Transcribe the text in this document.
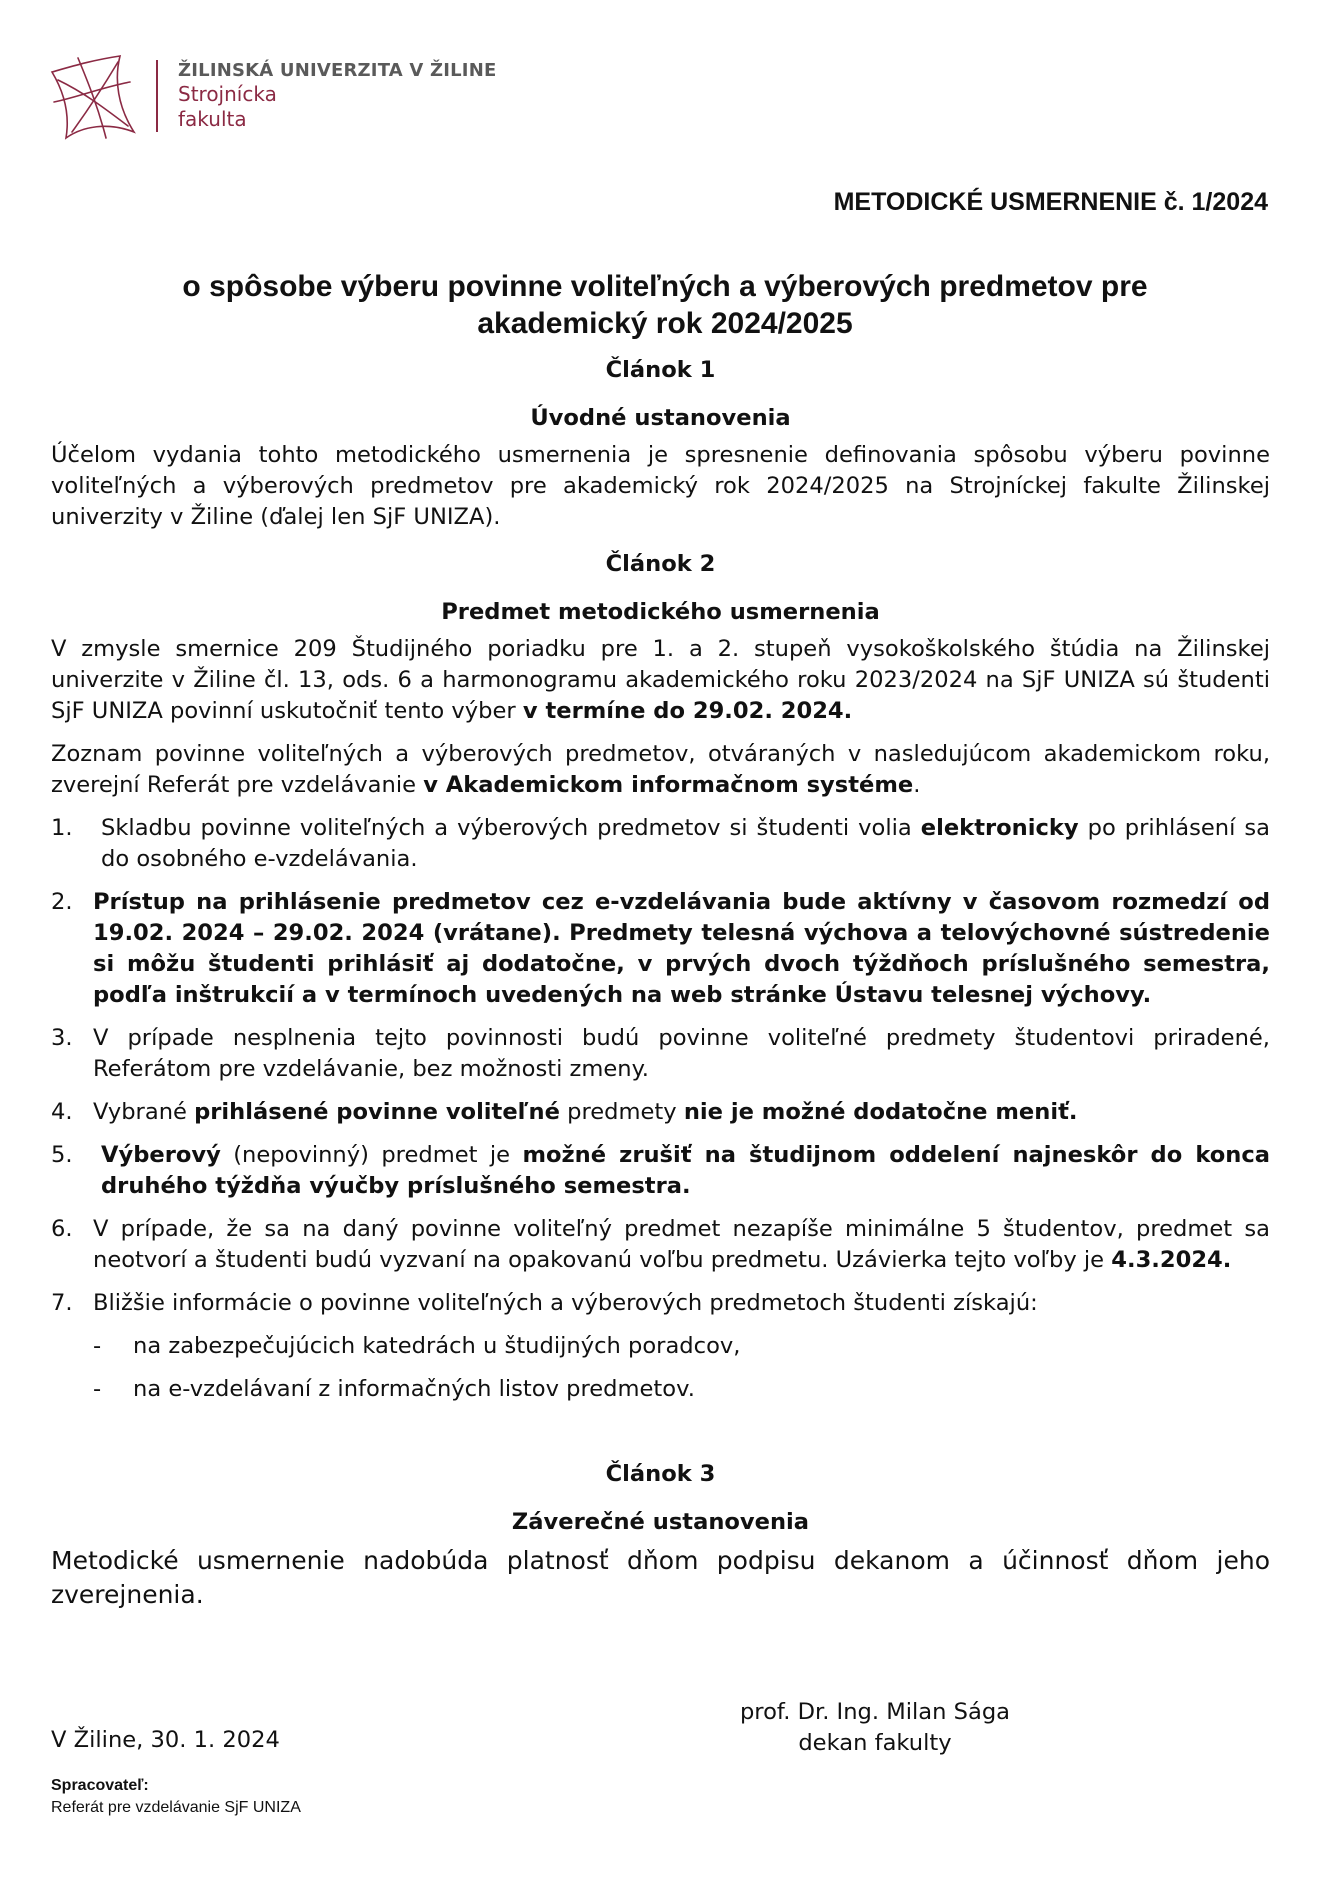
ŽILINSKÁ UNIVERZITA V ŽILINE
Strojnícka
fakulta
METODICKÉ USMERNENIE č. 1/2024
o spôsobe výberu povinne voliteľných a výberových predmetov pre
akademický rok 2024/2025

Článok 1

Úvodné ustanovenia

Účelom vydania tohto metodického usmernenia je spresnenie definovania spôsobu výberu povinne voliteľných a výberových predmetov pre akademický rok 2024/2025 na Strojníckej fakulte Žilinskej univerzity v Žiline (ďalej len SjF UNIZA).

Článok 2

Predmet metodického usmernenia

V zmysle smernice 209 Študijného poriadku pre 1. a 2. stupeň vysokoškolského štúdia na Žilinskej univerzite v Žiline čl. 13, ods. 6 a harmonogramu akademického roku 2023/2024 na SjF UNIZA sú študenti SjF UNIZA povinní uskutočniť tento výber v termíne do 29.02. 2024.

Zoznam povinne voliteľných a výberových predmetov, otváraných v nasledujúcom akademickom roku, zverejní Referát pre vzdelávanie v Akademickom informačnom systéme.

1. Skladbu povinne voliteľných a výberových predmetov si študenti volia elektronicky po prihlásení sa do osobného e-vzdelávania.
2. Prístup na prihlásenie predmetov cez e-vzdelávania bude aktívny v časovom rozmedzí od 19.02. 2024 – 29.02. 2024 (vrátane). Predmety telesná výchova a telovýchovné sústredenie si môžu študenti prihlásiť aj dodatočne, v prvých dvoch týždňoch príslušného semestra, podľa inštrukcií a v termínoch uvedených na web stránke Ústavu telesnej výchovy.
3. V prípade nesplnenia tejto povinnosti budú povinne voliteľné predmety študentovi priradené, Referátom pre vzdelávanie, bez možnosti zmeny.
4. Vybrané prihlásené povinne voliteľné predmety nie je možné dodatočne meniť.
5. Výberový (nepovinný) predmet je možné zrušiť na študijnom oddelení najneskôr do konca druhého týždňa výučby príslušného semestra.
6. V prípade, že sa na daný povinne voliteľný predmet nezapíše minimálne 5 študentov, predmet sa neotvorí a študenti budú vyzvaní na opakovanú voľbu predmetu. Uzávierka tejto voľby je 4.3.2024.
7. Bližšie informácie o povinne voliteľných a výberových predmetoch študenti získajú:
- na zabezpečujúcich katedrách u študijných poradcov,
- na e-vzdelávaní z informačných listov predmetov.

Článok 3

Záverečné ustanovenia

Metodické usmernenie nadobúda platnosť dňom podpisu dekanom a účinnosť dňom jeho zverejnenia.

prof. Dr. Ing. Milan Sága
dekan fakulty
V Žiline, 30. 1. 2024
Spracovateľ:
Referát pre vzdelávanie SjF UNIZA
